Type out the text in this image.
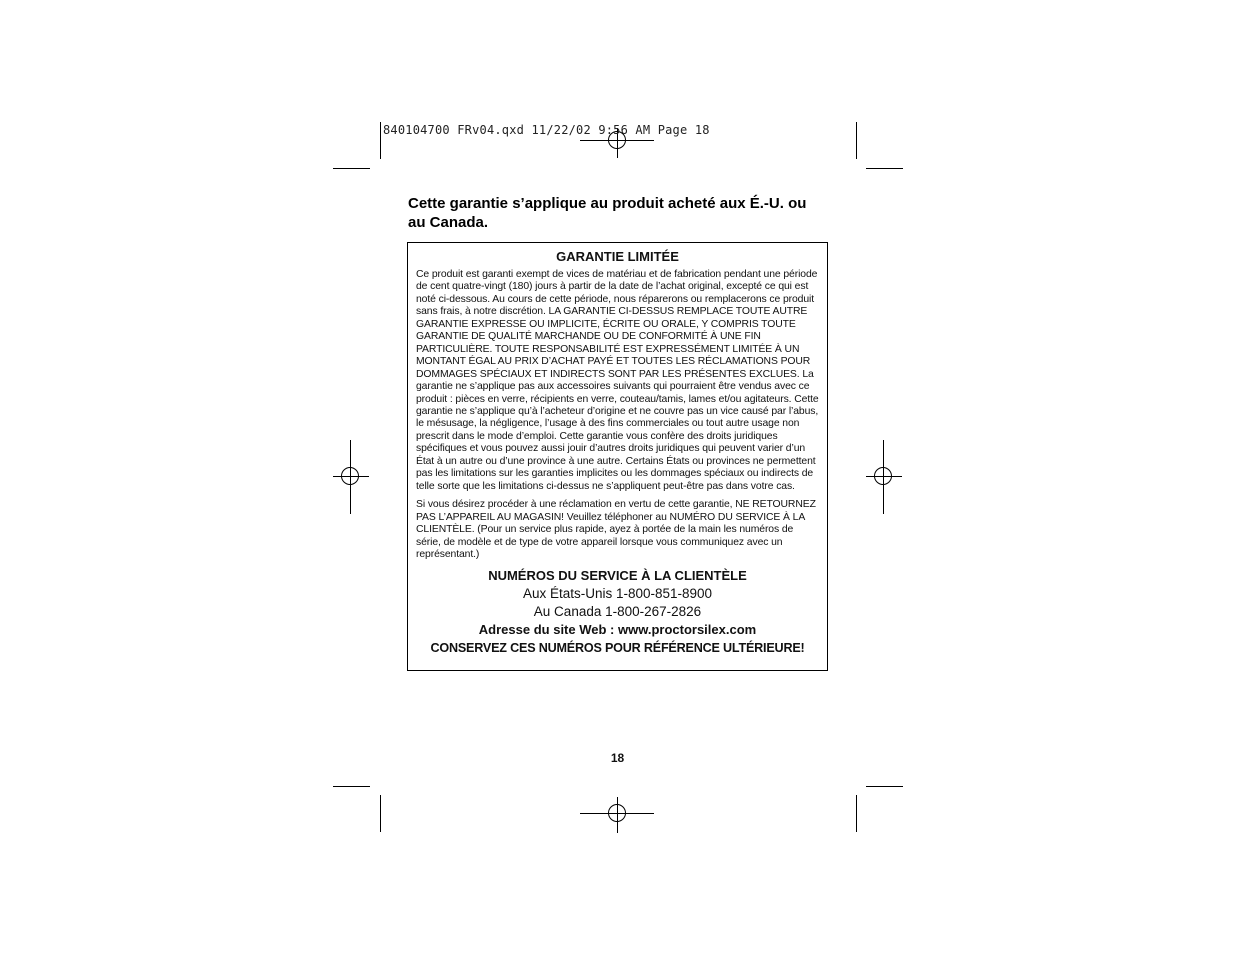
840104700 FRv04.qxd 11/22/02 9:56 AM Page 18
Cette garantie s’applique au produit acheté aux É.-U. ou au Canada.
GARANTIE LIMITÉE

Ce produit est garanti exempt de vices de matériau et de fabrication pendant une période de cent quatre-vingt (180) jours à partir de la date de l’achat original, excepté ce qui est noté ci-dessous. Au cours de cette période, nous réparerons ou remplacerons ce produit sans frais, à notre discrétion. LA GARANTIE CI-DESSUS REMPLACE TOUTE AUTRE GARANTIE EXPRESSE OU IMPLICITE, ÉCRITE OU ORALE, Y COMPRIS TOUTE GARANTIE DE QUALITÉ MARCHANDE OU DE CONFORMITÉ À UNE FIN PARTICULIÈRE. TOUTE RESPONSABILITÉ EST EXPRESSÉMENT LIMITÉE À UN MONTANT ÉGAL AU PRIX D’ACHAT PAYÉ ET TOUTES LES RÉCLAMATIONS POUR DOMMAGES SPÉCIAUX ET INDIRECTS SONT PAR LES PRÉSENTES EXCLUES. La garantie ne s’applique pas aux accessoires suivants qui pourraient être vendus avec ce produit : pièces en verre, récipients en verre, couteau/tamis, lames et/ou agitateurs. Cette garantie ne s’applique qu’à l’acheteur d’origine et ne couvre pas un vice causé par l’abus, le mésusage, la négligence, l’usage à des fins commerciales ou tout autre usage non prescrit dans le mode d’emploi. Cette garantie vous confère des droits juridiques spécifiques et vous pouvez aussi jouir d’autres droits juridiques qui peuvent varier d’un État à un autre ou d’une province à une autre. Certains États ou provinces ne permettent pas les limitations sur les garanties implicites ou les dommages spéciaux ou indirects de telle sorte que les limitations ci-dessus ne s’appliquent peut-être pas dans votre cas.

Si vous désirez procéder à une réclamation en vertu de cette garantie, NE RETOURNEZ PAS L’APPAREIL AU MAGASIN! Veuillez téléphoner au NUMÉRO DU SERVICE À LA CLIENTÈLE. (Pour un service plus rapide, ayez à portée de la main les numéros de série, de modèle et de type de votre appareil lorsque vous communiquez avec un représentant.)

NUMÉROS DU SERVICE À LA CLIENTÈLE
Aux États-Unis 1-800-851-8900
Au Canada 1-800-267-2826
Adresse du site Web : www.proctorsilex.com
CONSERVEZ CES NUMÉROS POUR RÉFÉRENCE ULTÉRIEURE!
18
